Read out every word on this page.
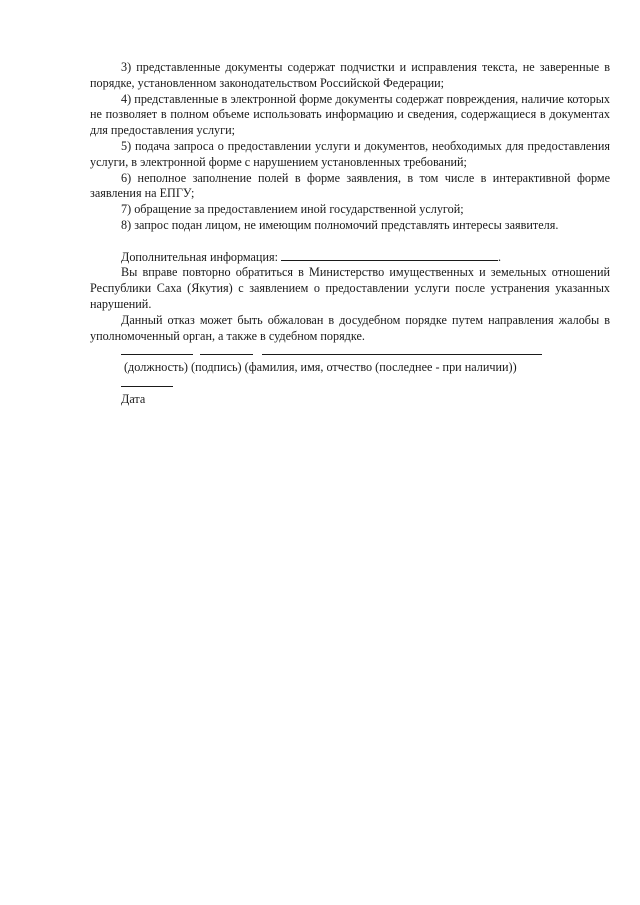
3) представленные документы содержат подчистки и исправления текста, не заверенные в порядке, установленном законодательством Российской Федерации;

4) представленные в электронной форме документы содержат повреждения, наличие которых не позволяет в полном объеме использовать информацию и сведения, содержащиеся в документах для предоставления услуги;

5) подача запроса о предоставлении услуги и документов, необходимых для предоставления услуги, в электронной форме с нарушением установленных требований;

6) неполное заполнение полей в форме заявления, в том числе в интерактивной форме заявления на ЕПГУ;

7) обращение за предоставлением иной государственной услугой;

8) запрос подан лицом, не имеющим полномочий представлять интересы заявителя.

Дополнительная информация:	.

Вы вправе повторно обратиться в Министерство имущественных и земельных отношений Республики Саха (Якутия) с заявлением о предоставлении услуги после устранения указанных нарушений.

Данный отказ может быть обжалован в досудебном порядке путем направления жалобы в уполномоченный орган, а также в судебном порядке.

(должность) (подпись) (фамилия, имя, отчество (последнее - при наличии))

Дата
